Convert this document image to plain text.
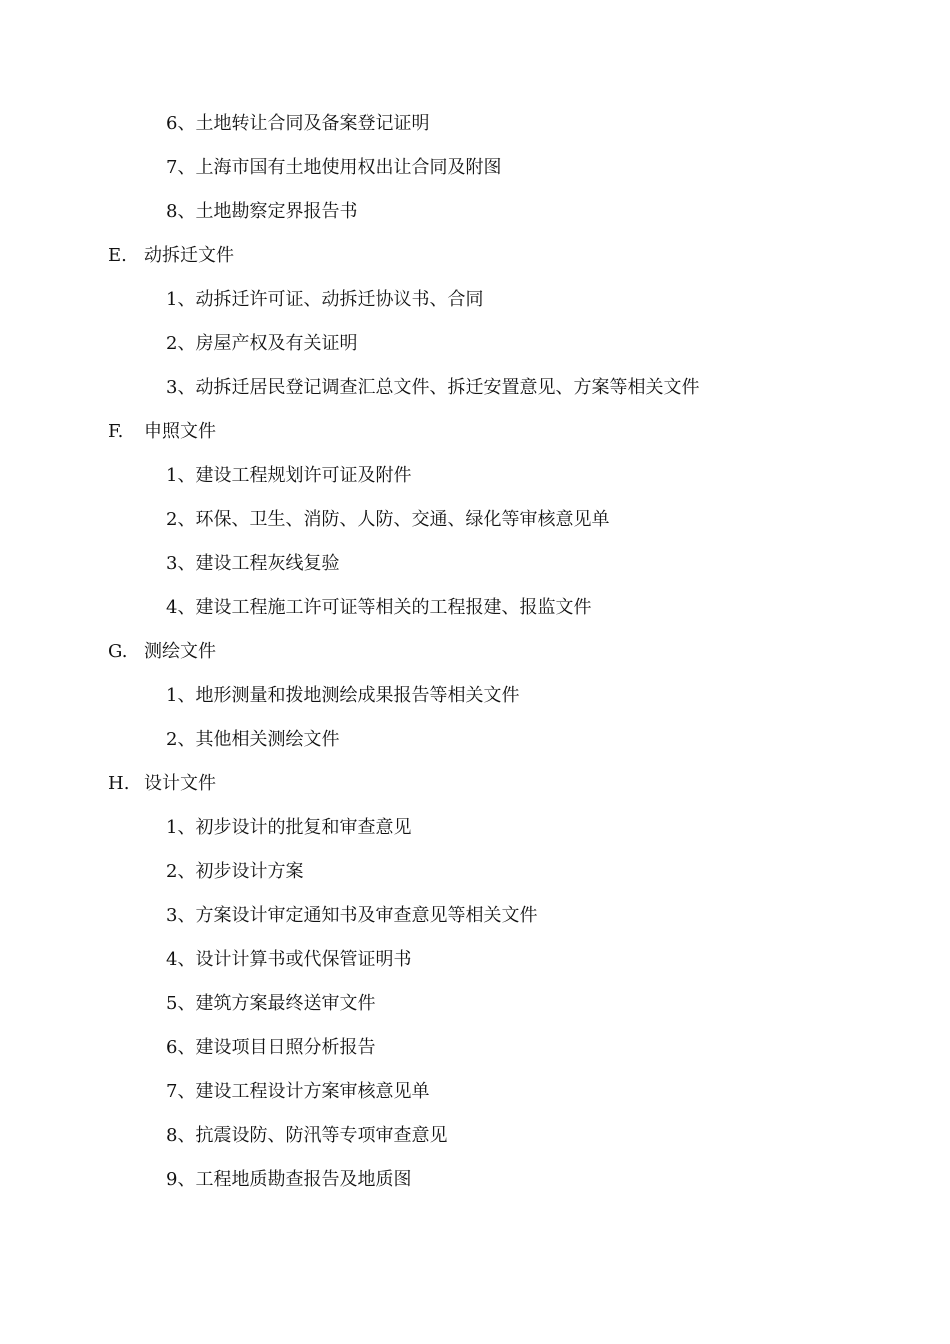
6、土地转让合同及备案登记证明
7、上海市国有土地使用权出让合同及附图
8、土地勘察定界报告书
E. 动拆迁文件
1、动拆迁许可证、动拆迁协议书、合同
2、房屋产权及有关证明
3、动拆迁居民登记调查汇总文件、拆迁安置意见、方案等相关文件
F. 申照文件
1、建设工程规划许可证及附件
2、环保、卫生、消防、人防、交通、绿化等审核意见单
3、建设工程灰线复验
4、建设工程施工许可证等相关的工程报建、报监文件
G. 测绘文件
1、地形测量和拨地测绘成果报告等相关文件
2、其他相关测绘文件
H. 设计文件
1、初步设计的批复和审查意见
2、初步设计方案
3、方案设计审定通知书及审查意见等相关文件
4、设计计算书或代保管证明书
5、建筑方案最终送审文件
6、建设项目日照分析报告
7、建设工程设计方案审核意见单
8、抗震设防、防汛等专项审查意见
9、工程地质勘查报告及地质图
